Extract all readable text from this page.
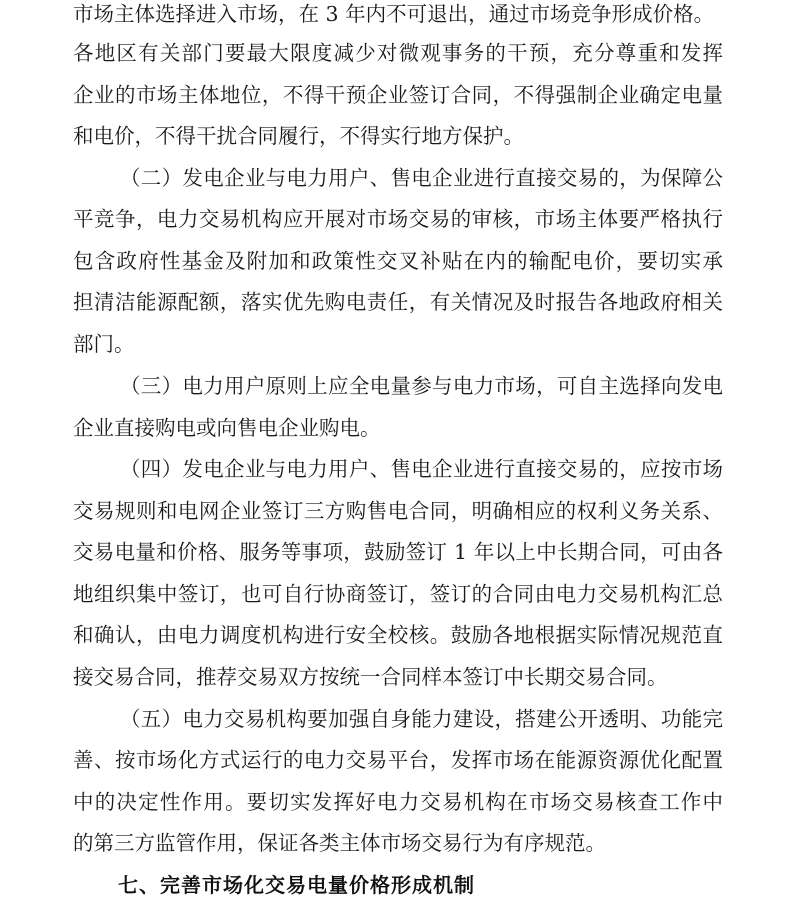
市场主体选择进入市场，在 3 年内不可退出，通过市场竞争形成价格。
各地区有关部门要最大限度减少对微观事务的干预，充分尊重和发挥
企业的市场主体地位，不得干预企业签订合同，不得强制企业确定电量
和电价，不得干扰合同履行，不得实行地方保护。
（二）发电企业与电力用户、售电企业进行直接交易的，为保障公
平竞争，电力交易机构应开展对市场交易的审核，市场主体要严格执行
包含政府性基金及附加和政策性交叉补贴在内的输配电价，要切实承
担清洁能源配额，落实优先购电责任，有关情况及时报告各地政府相关
部门。
（三）电力用户原则上应全电量参与电力市场，可自主选择向发电
企业直接购电或向售电企业购电。
（四）发电企业与电力用户、售电企业进行直接交易的，应按市场
交易规则和电网企业签订三方购售电合同，明确相应的权利义务关系、
交易电量和价格、服务等事项，鼓励签订 1 年以上中长期合同，可由各
地组织集中签订，也可自行协商签订，签订的合同由电力交易机构汇总
和确认，由电力调度机构进行安全校核。鼓励各地根据实际情况规范直
接交易合同，推荐交易双方按统一合同样本签订中长期交易合同。
（五）电力交易机构要加强自身能力建设，搭建公开透明、功能完
善、按市场化方式运行的电力交易平台，发挥市场在能源资源优化配置
中的决定性作用。要切实发挥好电力交易机构在市场交易核查工作中
的第三方监管作用，保证各类主体市场交易行为有序规范。
七、完善市场化交易电量价格形成机制
